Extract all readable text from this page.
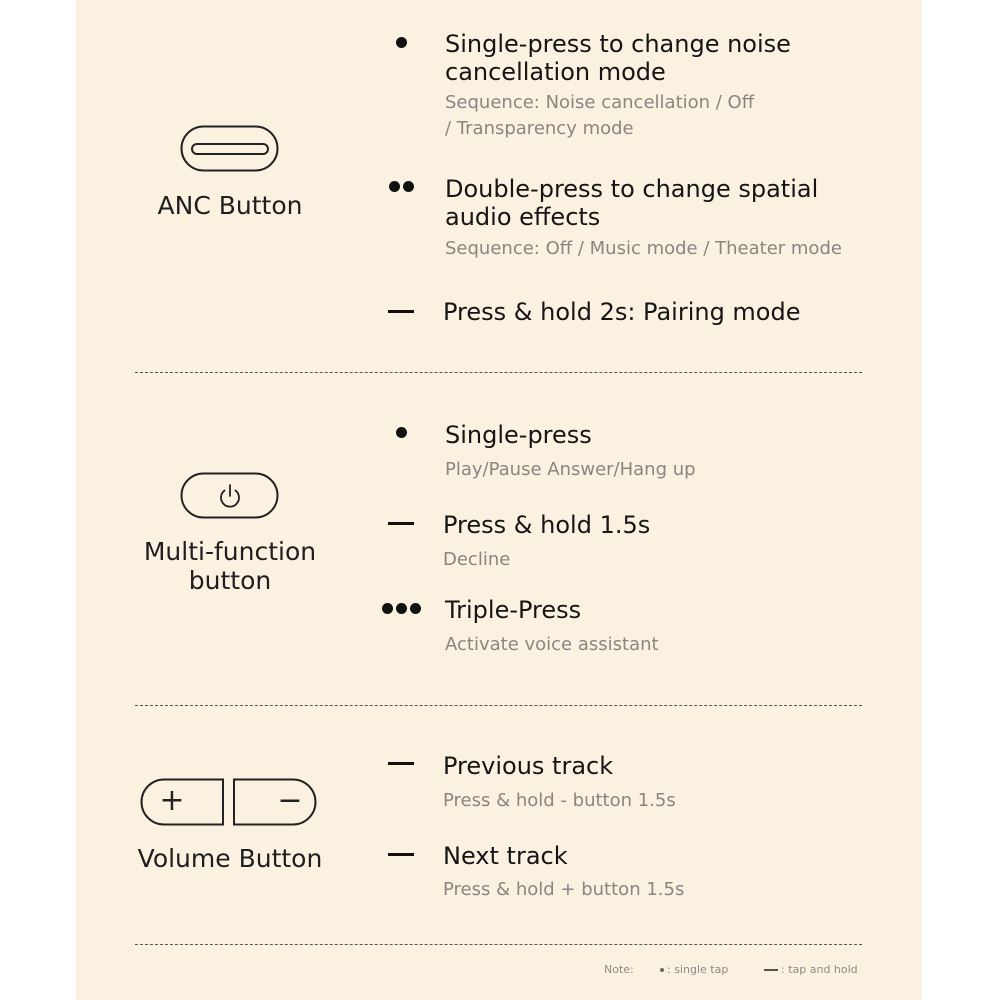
ANC Button
Single-press to change noise
cancellation mode
Sequence: Noise cancellation / Off
/ Transparency mode
Double-press to change spatial
audio effects
Sequence: Off / Music mode / Theater mode
Press & hold 2s: Pairing mode
Multi-function
button
Single-press
Play/Pause Answer/Hang up
Press & hold 1.5s
Decline
Triple-Press
Activate voice assistant
+	−
Volume Button
Previous track
Press & hold - button 1.5s
Next track
Press & hold + button 1.5s
Note:	: single tap	: tap and hold
